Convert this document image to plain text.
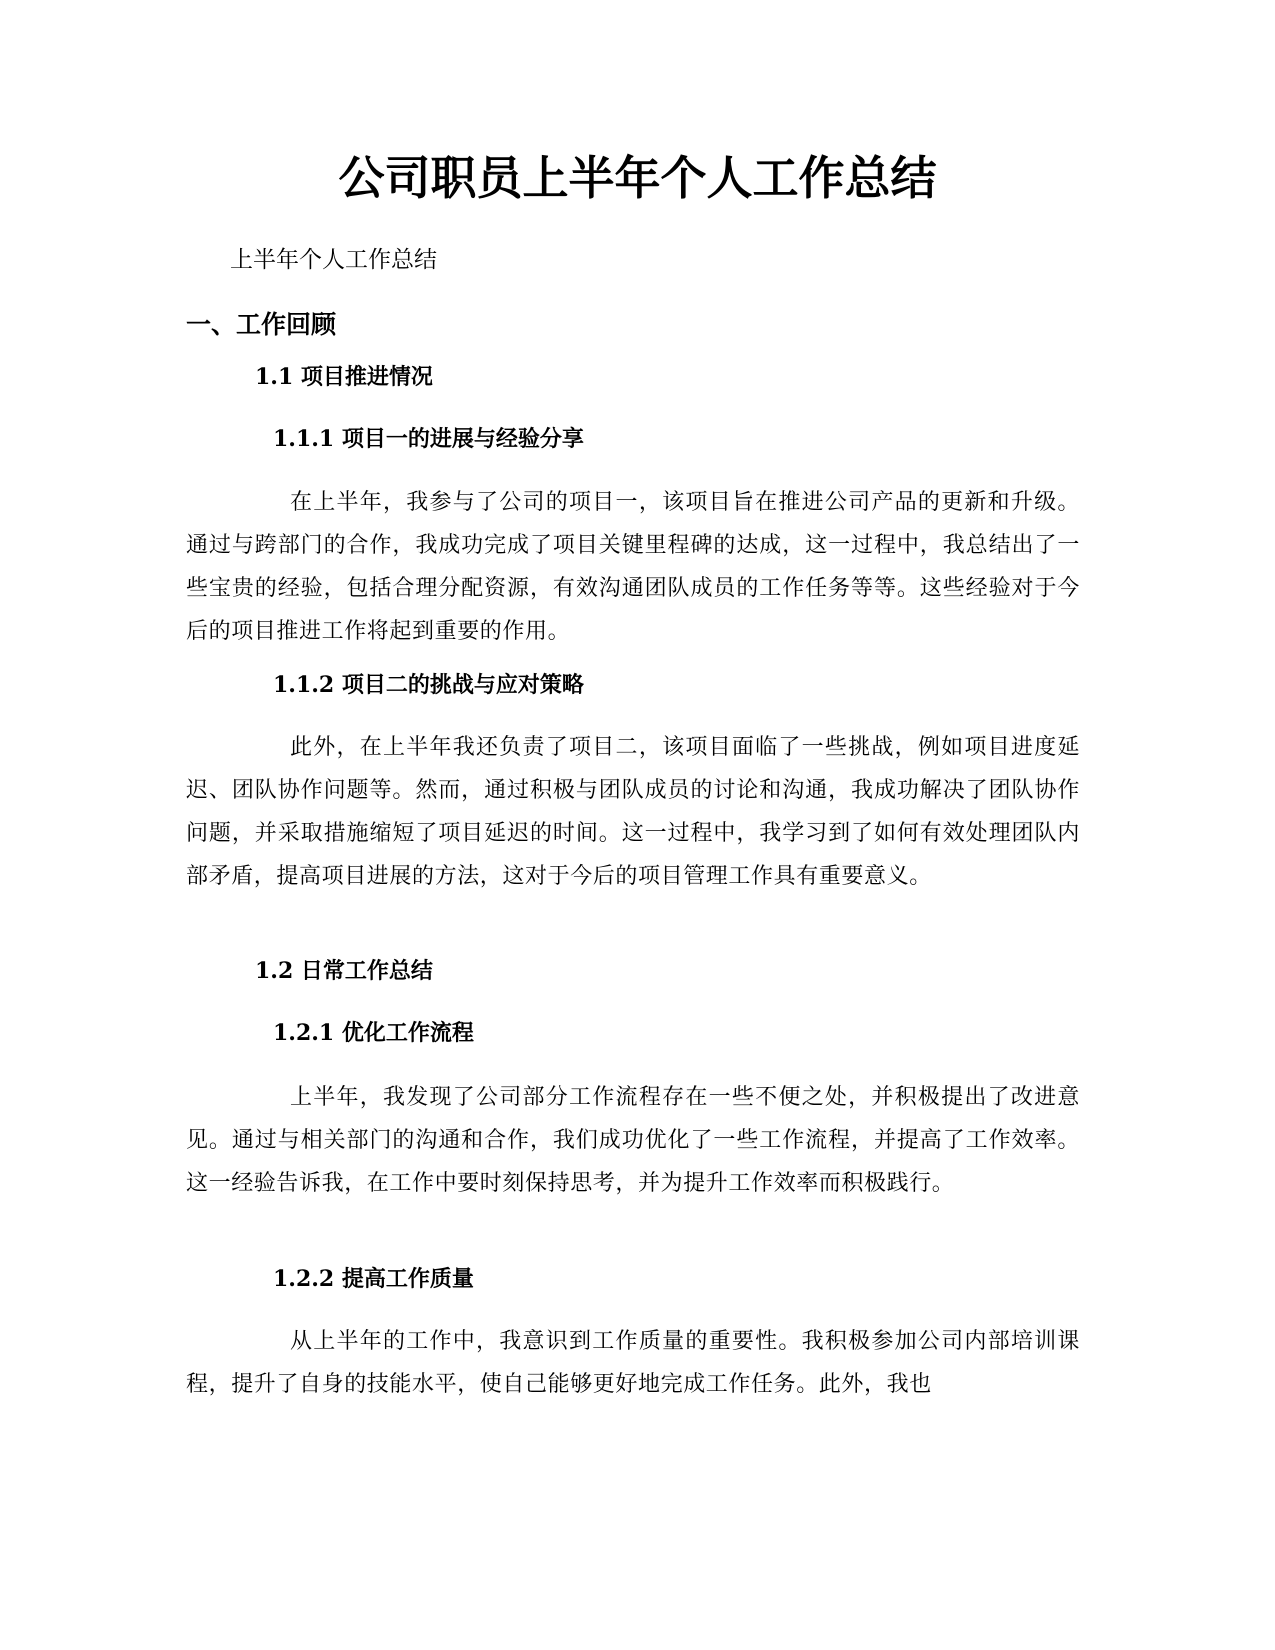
公司职员上半年个人工作总结

上半年个人工作总结

一、工作回顾
1.1 项目推进情况
1.1.1 项目一的进展与经验分享

在上半年，我参与了公司的项目一，该项目旨在推进公司产品的更新和升级。通过与跨部门的合作，我成功完成了项目关键里程碑的达成，这一过程中，我总结出了一些宝贵的经验，包括合理分配资源，有效沟通团队成员的工作任务等等。这些经验对于今后的项目推进工作将起到重要的作用。

1.1.2 项目二的挑战与应对策略

此外，在上半年我还负责了项目二，该项目面临了一些挑战，例如项目进度延迟、团队协作问题等。然而，通过积极与团队成员的讨论和沟通，我成功解决了团队协作问题，并采取措施缩短了项目延迟的时间。这一过程中，我学习到了如何有效处理团队内部矛盾，提高项目进展的方法，这对于今后的项目管理工作具有重要意义。

1.2 日常工作总结
1.2.1 优化工作流程

上半年，我发现了公司部分工作流程存在一些不便之处，并积极提出了改进意见。通过与相关部门的沟通和合作，我们成功优化了一些工作流程，并提高了工作效率。这一经验告诉我，在工作中要时刻保持思考，并为提升工作效率而积极践行。

1.2.2 提高工作质量

从上半年的工作中，我意识到工作质量的重要性。我积极参加公司内部培训课程，提升了自身的技能水平，使自己能够更好地完成工作任务。此外，我也
